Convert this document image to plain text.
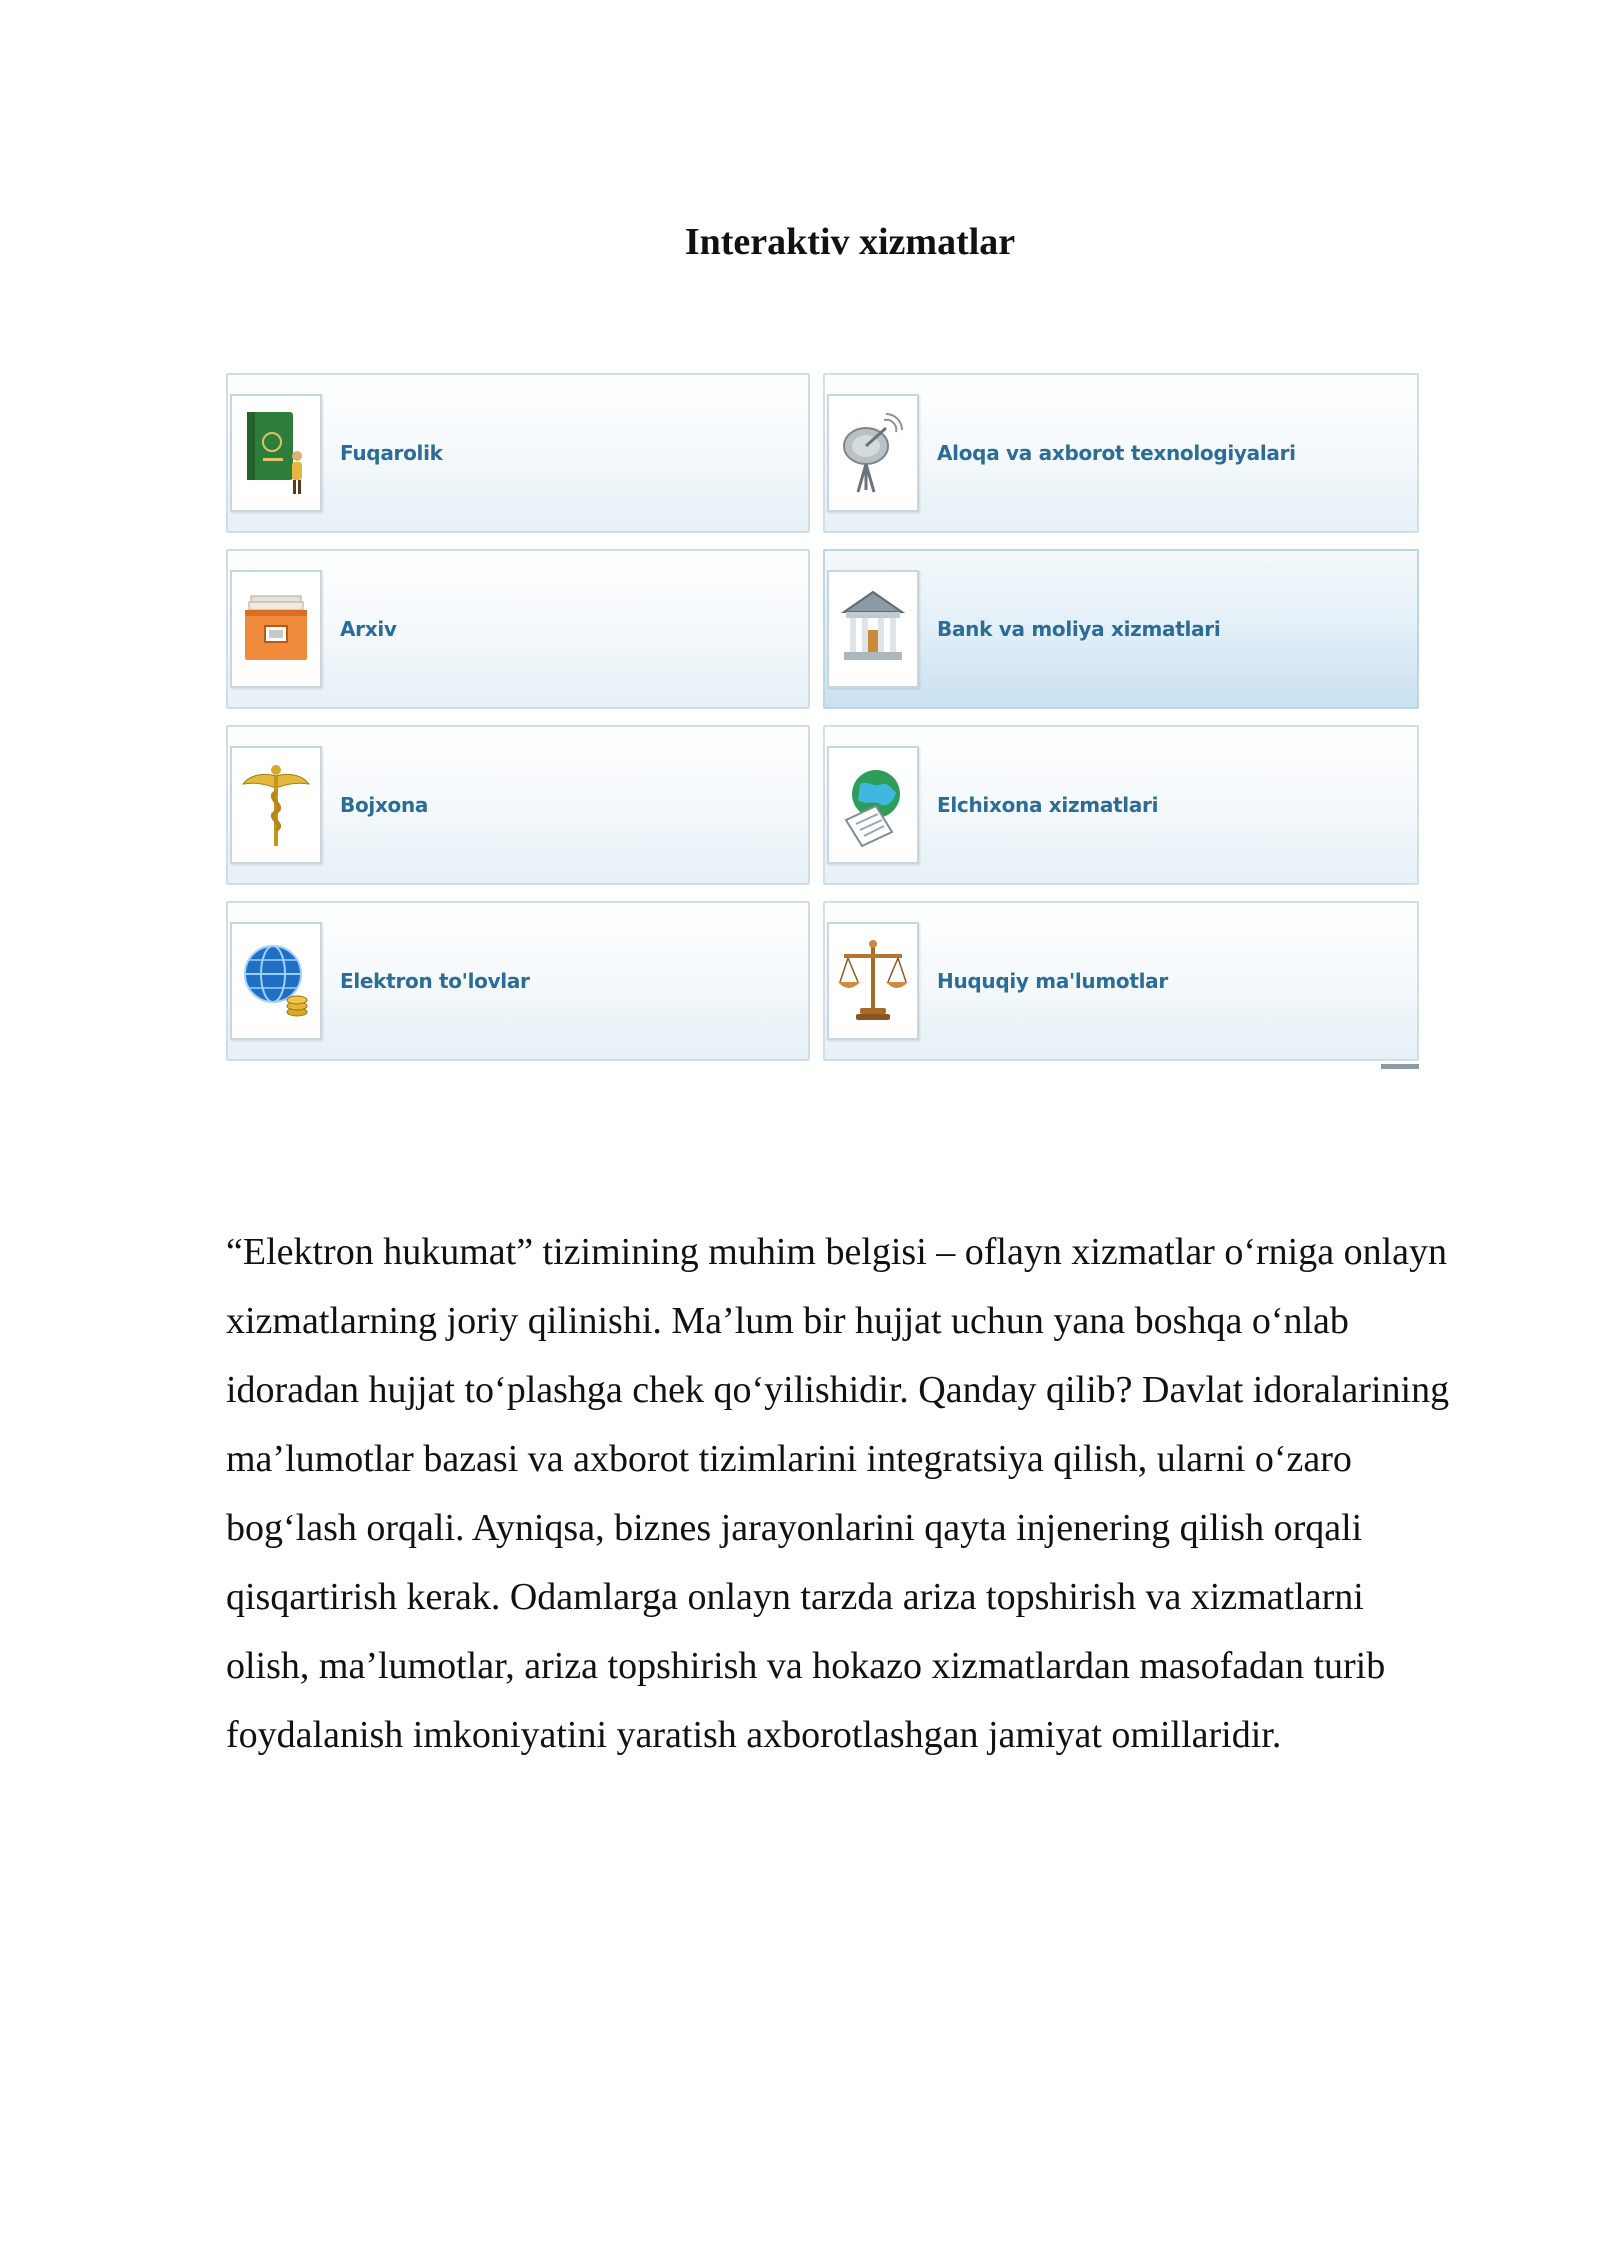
Interaktiv xizmatlar
Fuqarolik	Aloqa va axborot texnologiyalari
Arxiv	Bank va moliya xizmatlari
Bojxona	Elchixona xizmatlari
Elektron to'lovlar	Huquqiy ma'lumotlar

“Elektron hukumat” tizimining muhim belgisi – oflayn xizmatlar o‘rniga onlayn xizmatlarning joriy qilinishi. Ma’lum bir hujjat uchun yana boshqa o‘nlab idoradan hujjat to‘plashga chek qo‘yilishidir. Qanday qilib? Davlat idoralarining ma’lumotlar bazasi va axborot tizimlarini integratsiya qilish, ularni o‘zaro bog‘lash orqali. Ayniqsa, biznes jarayonlarini qayta injenering qilish orqali qisqartirish kerak. Odamlarga onlayn tarzda ariza topshirish va xizmatlarni olish, ma’lumotlar, ariza topshirish va hokazo xizmatlardan masofadan turib foydalanish imkoniyatini yaratish axborotlashgan jamiyat omillaridir.
